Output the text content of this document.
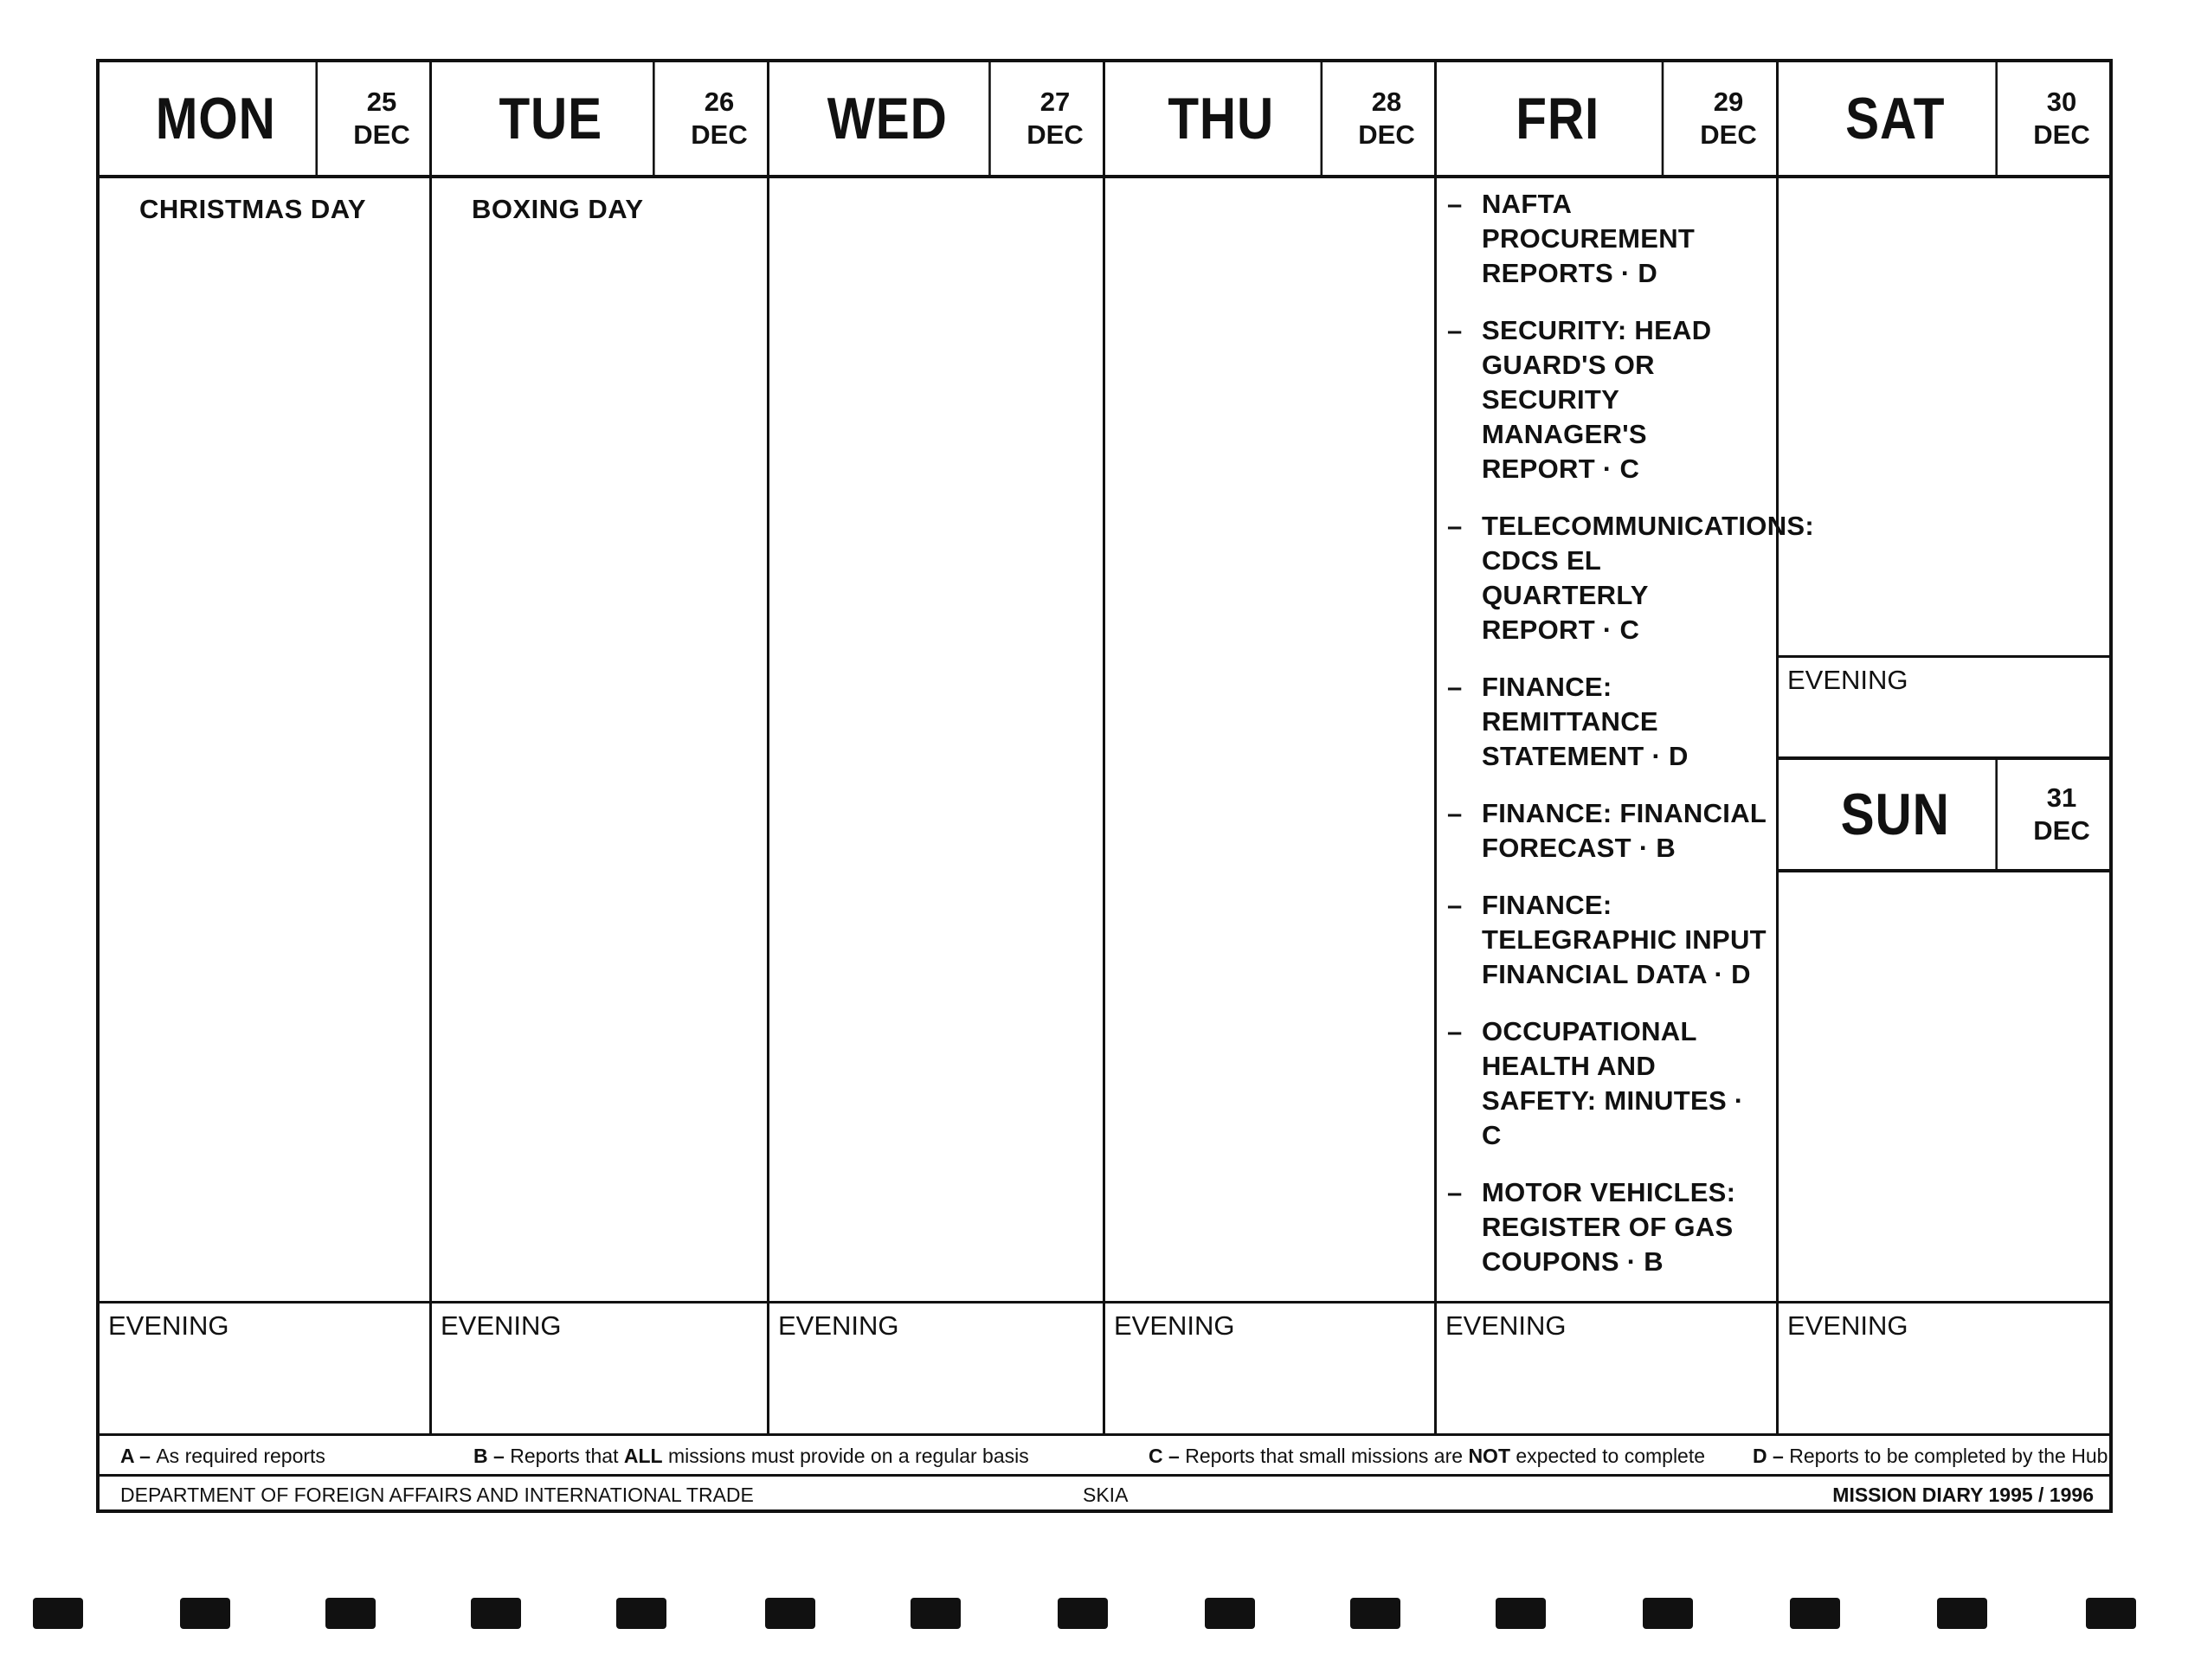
MON	25
DEC
CHRISTMAS DAY
EVENING
TUE	26
DEC
BOXING DAY
EVENING
WED	27
DEC
EVENING
THU	28
DEC
EVENING
FRI	29
DEC
– NAFTA PROCUREMENT REPORTS · D
– SECURITY: HEAD GUARD'S OR SECURITY MANAGER'S REPORT · C
– TELECOMMUNICATIONS: CDCS EL QUARTERLY REPORT · C
– FINANCE: REMITTANCE STATEMENT · D
– FINANCE: FINANCIAL FORECAST · B
– FINANCE: TELEGRAPHIC INPUT FINANCIAL DATA · D
– OCCUPATIONAL HEALTH AND SAFETY: MINUTES · C
– MOTOR VEHICLES: REGISTER OF GAS COUPONS · B
EVENING
SAT	30
DEC
EVENING
SUN	31
DEC
EVENING
A – As required reports	B – Reports that ALL missions must provide on a regular basis	C – Reports that small missions are NOT expected to complete D – Reports to be completed by the Hub
DEPARTMENT OF FOREIGN AFFAIRS AND INTERNATIONAL TRADE	SKIA	MISSION DIARY 1995 / 1996
